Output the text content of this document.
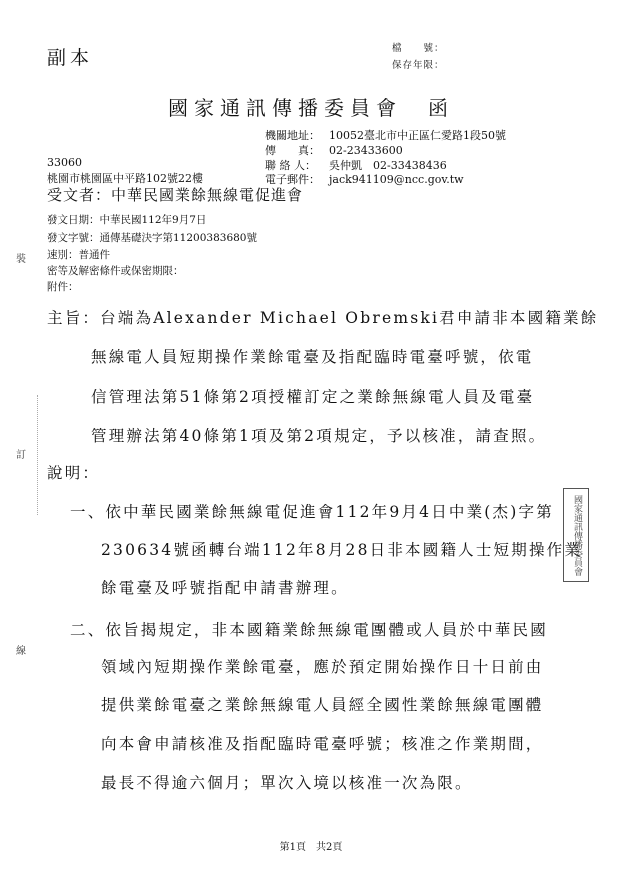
副本	檔　　號：
保存年限：
國家通訊傳播委員會　函
機關地址： 10052臺北市中正區仁愛路1段50號
傳　　真： 02-23433600
聯 絡 人： 吳仲凱　02-33438436
電子郵件： jack941109@ncc.gov.tw
33060
桃園市桃園區中平路102號22樓
受文者：中華民國業餘無線電促進會
發文日期：中華民國112年9月7日
發文字號：通傳基礎決字第11200383680號
速別：普通件
密等及解密條件或保密期限：
附件：
裝
訂
線
主旨：台端為Alexander Michael Obremski君申請非本國籍業餘
無線電人員短期操作業餘電臺及指配臨時電臺呼號，依電
信管理法第51條第2項授權訂定之業餘無線電人員及電臺
管理辦法第40條第1項及第2項規定，予以核准，請查照。
說明：
一、依中華民國業餘無線電促進會112年9月4日中業(杰)字第
230634號函轉台端112年8月28日非本國籍人士短期操作業
餘電臺及呼號指配申請書辦理。
二、依旨揭規定，非本國籍業餘無線電團體或人員於中華民國
領域內短期操作業餘電臺，應於預定開始操作日十日前由
提供業餘電臺之業餘無線電人員經全國性業餘無線電團體
向本會申請核准及指配臨時電臺呼號；核准之作業期間，
最長不得逾六個月；單次入境以核准一次為限。
國家通訊傳播委員會
第1頁　共2頁
